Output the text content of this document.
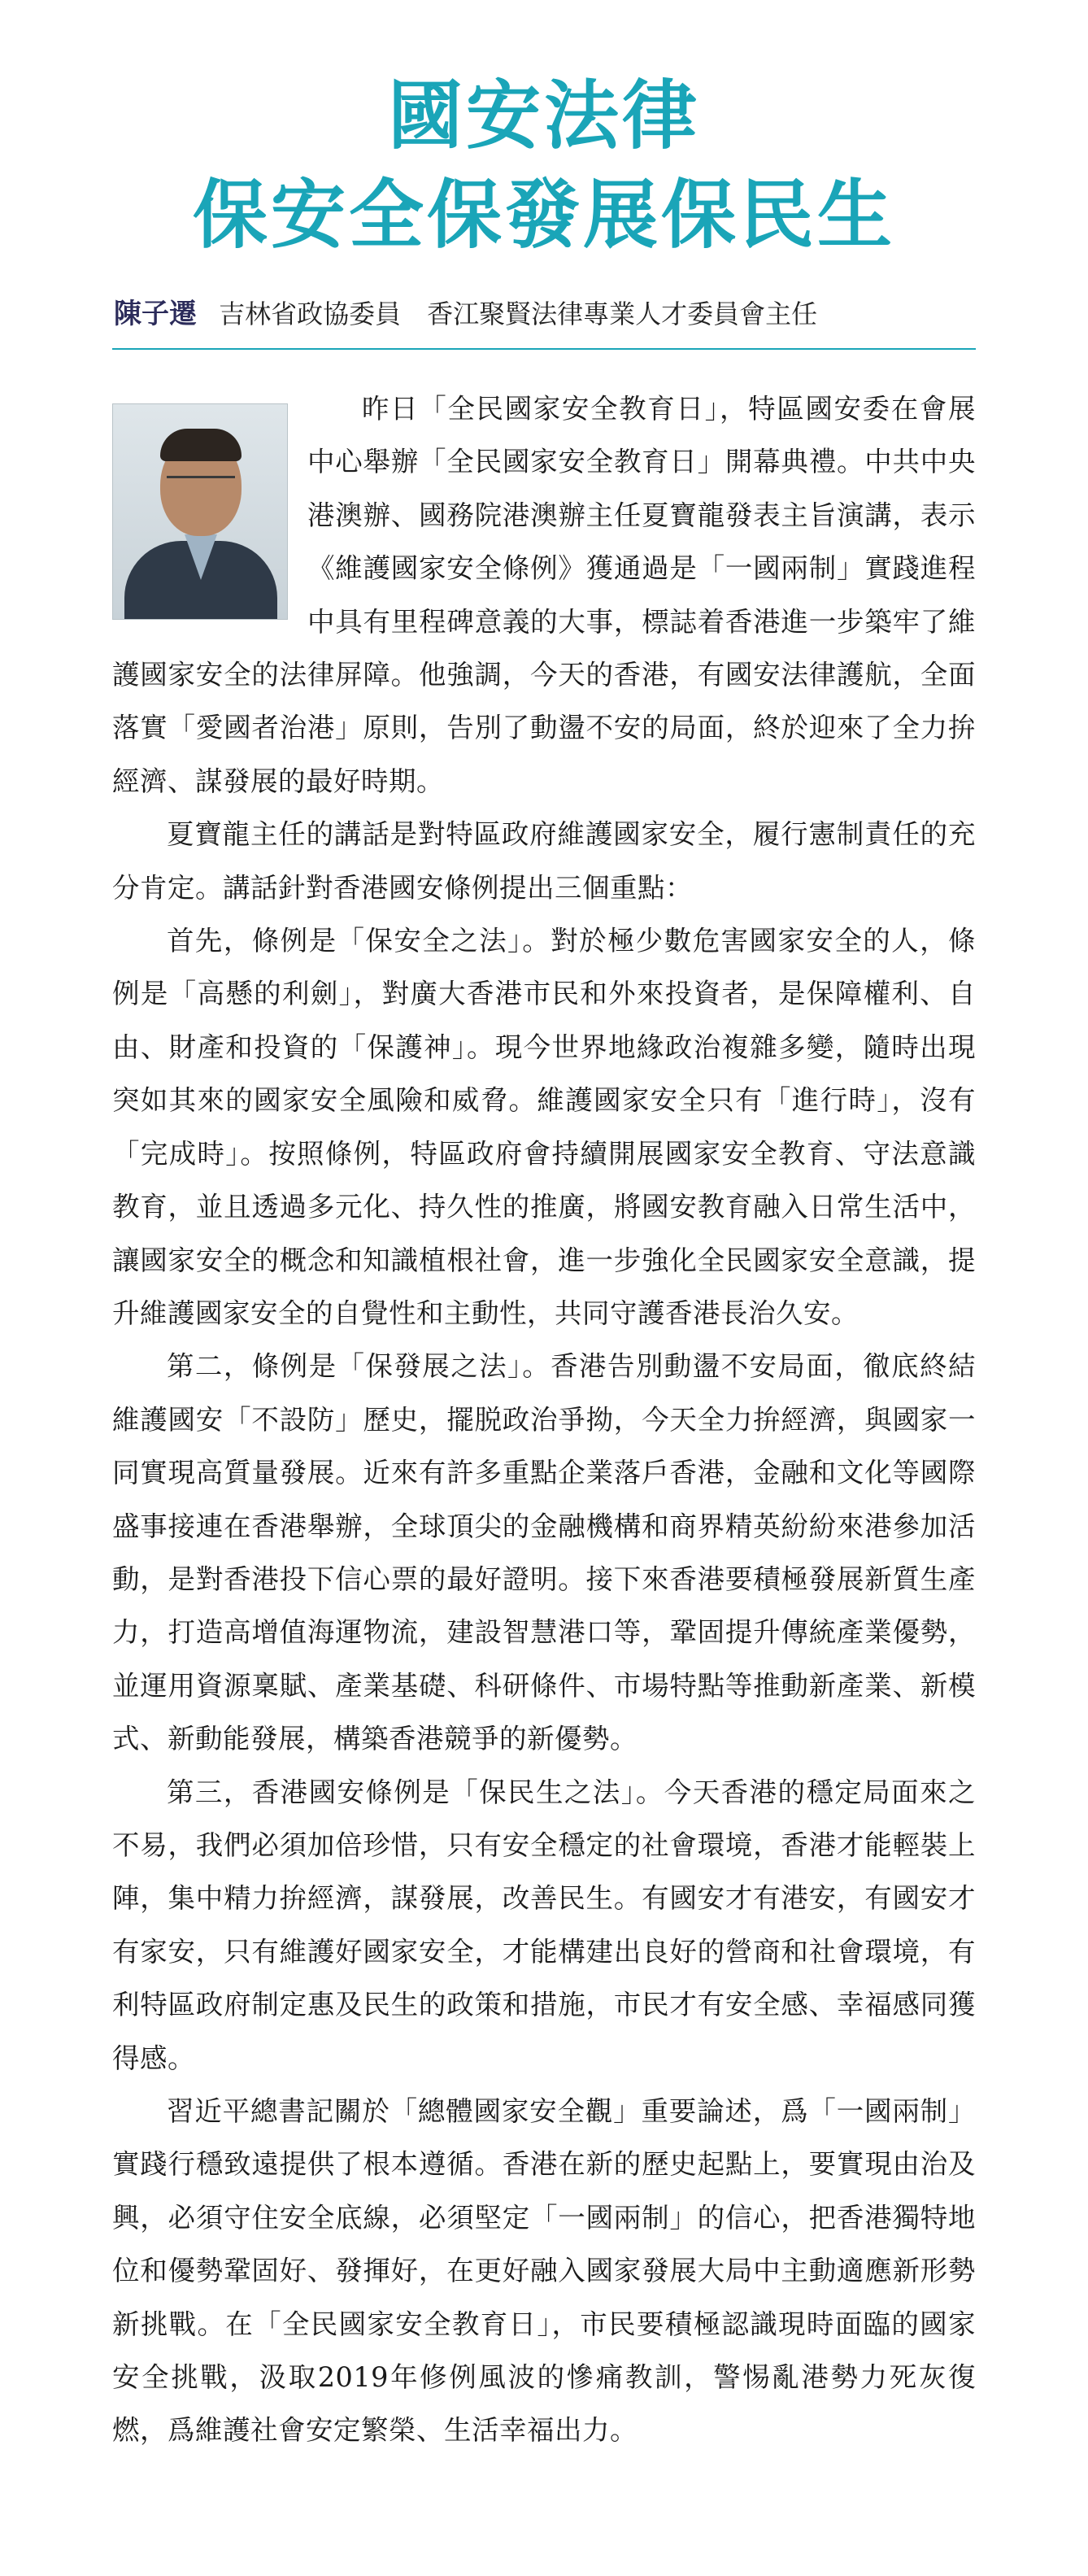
國安法律
保安全保發展保民生
陳子遷 吉林省政協委員　香江聚賢法律專業人才委員會主任

昨日「全民國家安全教育日」，特區國安委在會展中心舉辦「全民國家安全教育日」開幕典禮。中共中央港澳辦、國務院港澳辦主任夏寶龍發表主旨演講，表示《維護國家安全條例》獲通過是「一國兩制」實踐進程中具有里程碑意義的大事，標誌着香港進一步築牢了維護國家安全的法律屏障。他強調，今天的香港，有國安法律護航，全面落實「愛國者治港」原則，告別了動盪不安的局面，終於迎來了全力拚經濟、謀發展的最好時期。

夏寶龍主任的講話是對特區政府維護國家安全，履行憲制責任的充分肯定。講話針對香港國安條例提出三個重點：

首先，條例是「保安全之法」。對於極少數危害國家安全的人，條例是「高懸的利劍」，對廣大香港市民和外來投資者，是保障權利、自由、財產和投資的「保護神」。現今世界地緣政治複雜多變，隨時出現突如其來的國家安全風險和威脅。維護國家安全只有「進行時」，沒有「完成時」。按照條例，特區政府會持續開展國家安全教育、守法意識教育，並且透過多元化、持久性的推廣，將國安教育融入日常生活中，讓國家安全的概念和知識植根社會，進一步強化全民國家安全意識，提升維護國家安全的自覺性和主動性，共同守護香港長治久安。

第二，條例是「保發展之法」。香港告別動盪不安局面，徹底終結維護國安「不設防」歷史，擺脱政治爭拗，今天全力拚經濟，與國家一同實現高質量發展。近來有許多重點企業落戶香港，金融和文化等國際盛事接連在香港舉辦，全球頂尖的金融機構和商界精英紛紛來港參加活動，是對香港投下信心票的最好證明。接下來香港要積極發展新質生產力，打造高增值海運物流，建設智慧港口等，鞏固提升傳統產業優勢，並運用資源稟賦、產業基礎、科研條件、市場特點等推動新產業、新模式、新動能發展，構築香港競爭的新優勢。

第三，香港國安條例是「保民生之法」。今天香港的穩定局面來之不易，我們必須加倍珍惜，只有安全穩定的社會環境，香港才能輕裝上陣，集中精力拚經濟，謀發展，改善民生。有國安才有港安，有國安才有家安，只有維護好國家安全，才能構建出良好的營商和社會環境，有利特區政府制定惠及民生的政策和措施，市民才有安全感、幸福感同獲得感。

習近平總書記關於「總體國家安全觀」重要論述，爲「一國兩制」實踐行穩致遠提供了根本遵循。香港在新的歷史起點上，要實現由治及興，必須守住安全底線，必須堅定「一國兩制」的信心，把香港獨特地位和優勢鞏固好、發揮好，在更好融入國家發展大局中主動適應新形勢新挑戰。在「全民國家安全教育日」，市民要積極認識現時面臨的國家安全挑戰，汲取2019年修例風波的慘痛教訓，警惕亂港勢力死灰復燃，爲維護社會安定繁榮、生活幸福出力。
